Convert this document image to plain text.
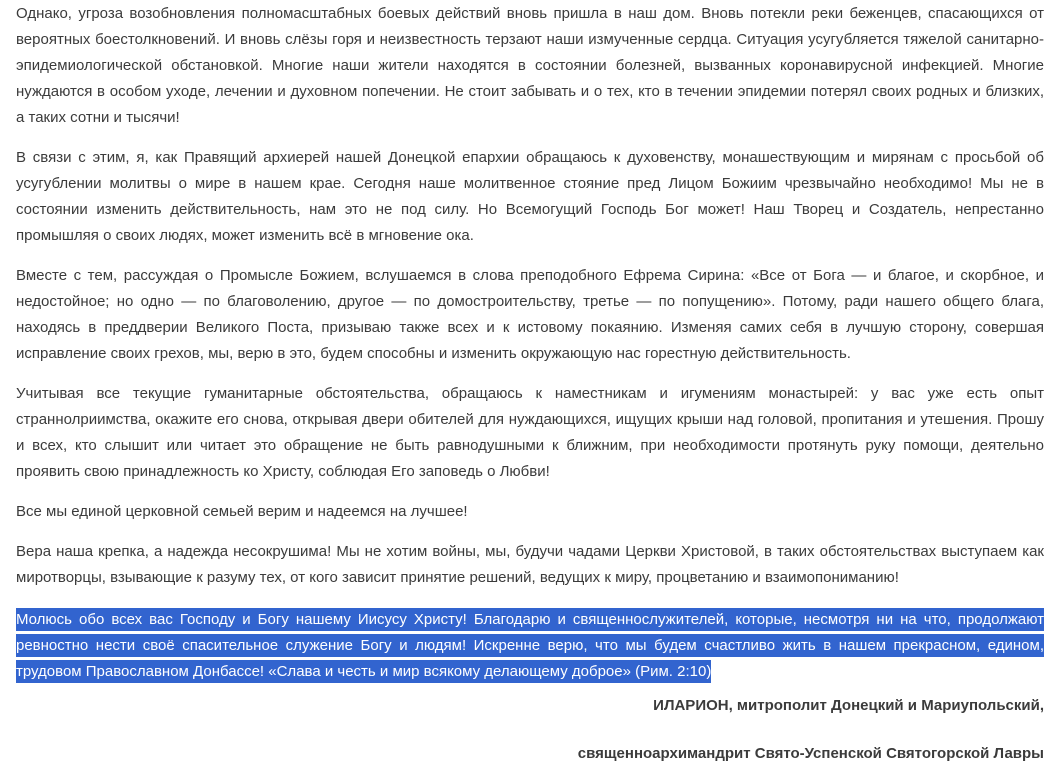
Однако, угроза возобновления полномасштабных боевых действий вновь пришла в наш дом. Вновь потекли реки беженцев, спасающихся от вероятных боестолкновений. И вновь слёзы горя и неизвестность терзают наши измученные сердца. Ситуация усугубляется тяжелой санитарно-эпидемиологической обстановкой. Многие наши жители находятся в состоянии болезней, вызванных коронавирусной инфекцией. Многие нуждаются в особом уходе, лечении и духовном попечении. Не стоит забывать и о тех, кто в течении эпидемии потерял своих родных и близких, а таких сотни и тысячи!

В связи с этим, я, как Правящий архиерей нашей Донецкой епархии обращаюсь к духовенству, монашествующим и мирянам с просьбой об усугублении молитвы о мире в нашем крае. Сегодня наше молитвенное стояние пред Лицом Божиим чрезвычайно необходимо! Мы не в состоянии изменить действительность, нам это не под силу. Но Всемогущий Господь Бог может! Наш Творец и Создатель, непрестанно промышляя о своих людях, может изменить всё в мгновение ока.

Вместе с тем, рассуждая о Промысле Божием, вслушаемся в слова преподобного Ефрема Сирина: «Все от Бога — и благое, и скорбное, и недостойное; но одно — по благоволению, другое — по домостроительству, третье — по попущению». Потому, ради нашего общего блага, находясь в преддверии Великого Поста, призываю также всех и к истовому покаянию. Изменяя самих себя в лучшую сторону, совершая исправление своих грехов, мы, верю в это, будем способны и изменить окружающую нас горестную действительность.

Учитывая все текущие гуманитарные обстоятельства, обращаюсь к наместникам и игумениям монастырей: у вас уже есть опыт страннолриимства, окажите его снова, открывая двери обителей для нуждающихся, ищущих крыши над головой, пропитания и утешения. Прошу и всех, кто слышит или читает это обращение не быть равнодушными к ближним, при необходимости протянуть руку помощи, деятельно проявить свою принадлежность ко Христу, соблюдая Его заповедь о Любви!

Все мы единой церковной семьей верим и надеемся на лучшее!

Вера наша крепка, а надежда несокрушима! Мы не хотим войны, мы, будучи чадами Церкви Христовой, в таких обстоятельствах выступаем как миротворцы, взывающие к разуму тех, от кого зависит принятие решений, ведущих к миру, процветанию и взаимопониманию!

Молюсь обо всех вас Господу и Богу нашему Иисусу Христу! Благодарю и священнослужителей, которые, несмотря ни на что, продолжают ревностно нести своё спасительное служение Богу и людям! Искренне верю, что мы будем счастливо жить в нашем прекрасном, едином, трудовом Православном Донбассе! «Слава и честь и мир всякому делающему доброе» (Рим. 2:10)

ИЛАРИОН, митрополит Донецкий и Мариупольский,

священноархимандрит Свято-Успенской Святогорской Лавры
